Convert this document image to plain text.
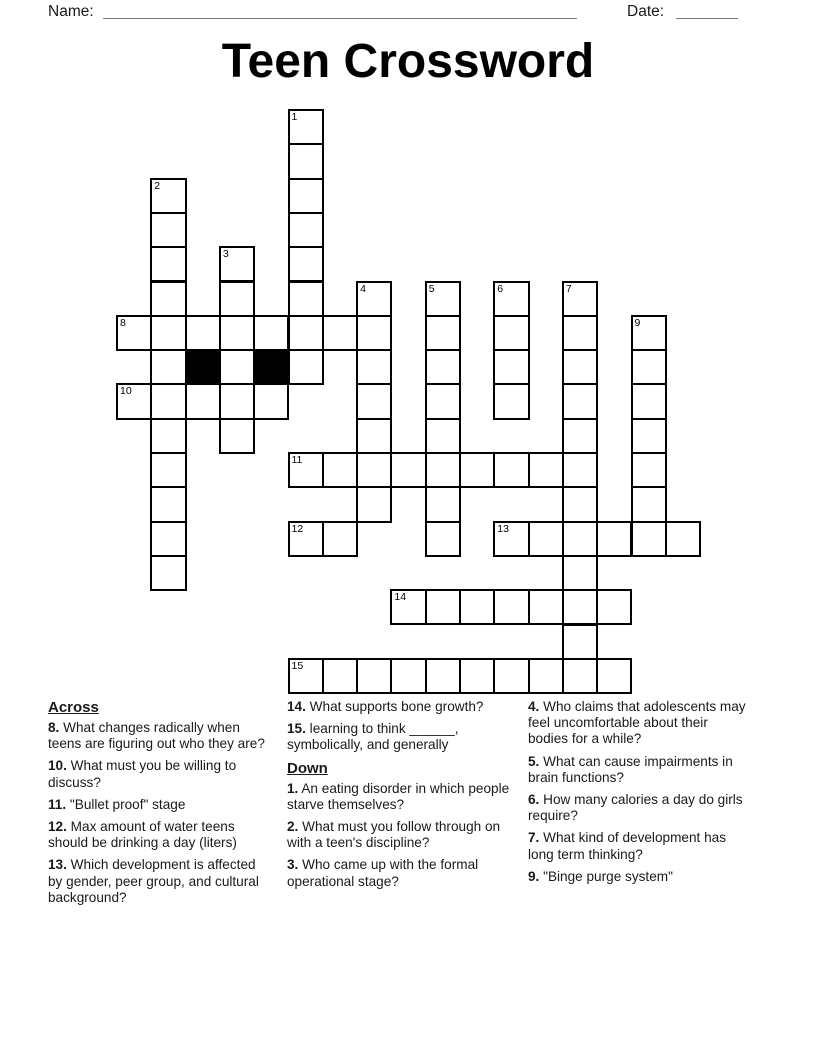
Name:	Date:
Teen Crossword
1
2
3
4	5	6	7
8	9
10
11
12	13
14
15
Across
8. What changes radically when teens are figuring out who they are?
10. What must you be willing to discuss?
11. "Bullet proof" stage
12. Max amount of water teens should be drinking a day (liters)
13. Which development is affected by gender, peer group, and cultural background?
14. What supports bone growth?
15. learning to think ______, symbolically, and generally
Down
1. An eating disorder in which people starve themselves?
2. What must you follow through on with a teen's discipline?
3. Who came up with the formal operational stage?
4. Who claims that adolescents may feel uncomfortable about their bodies for a while?
5. What can cause impairments in brain functions?
6. How many calories a day do girls require?
7. What kind of development has long term thinking?
9. "Binge purge system"
